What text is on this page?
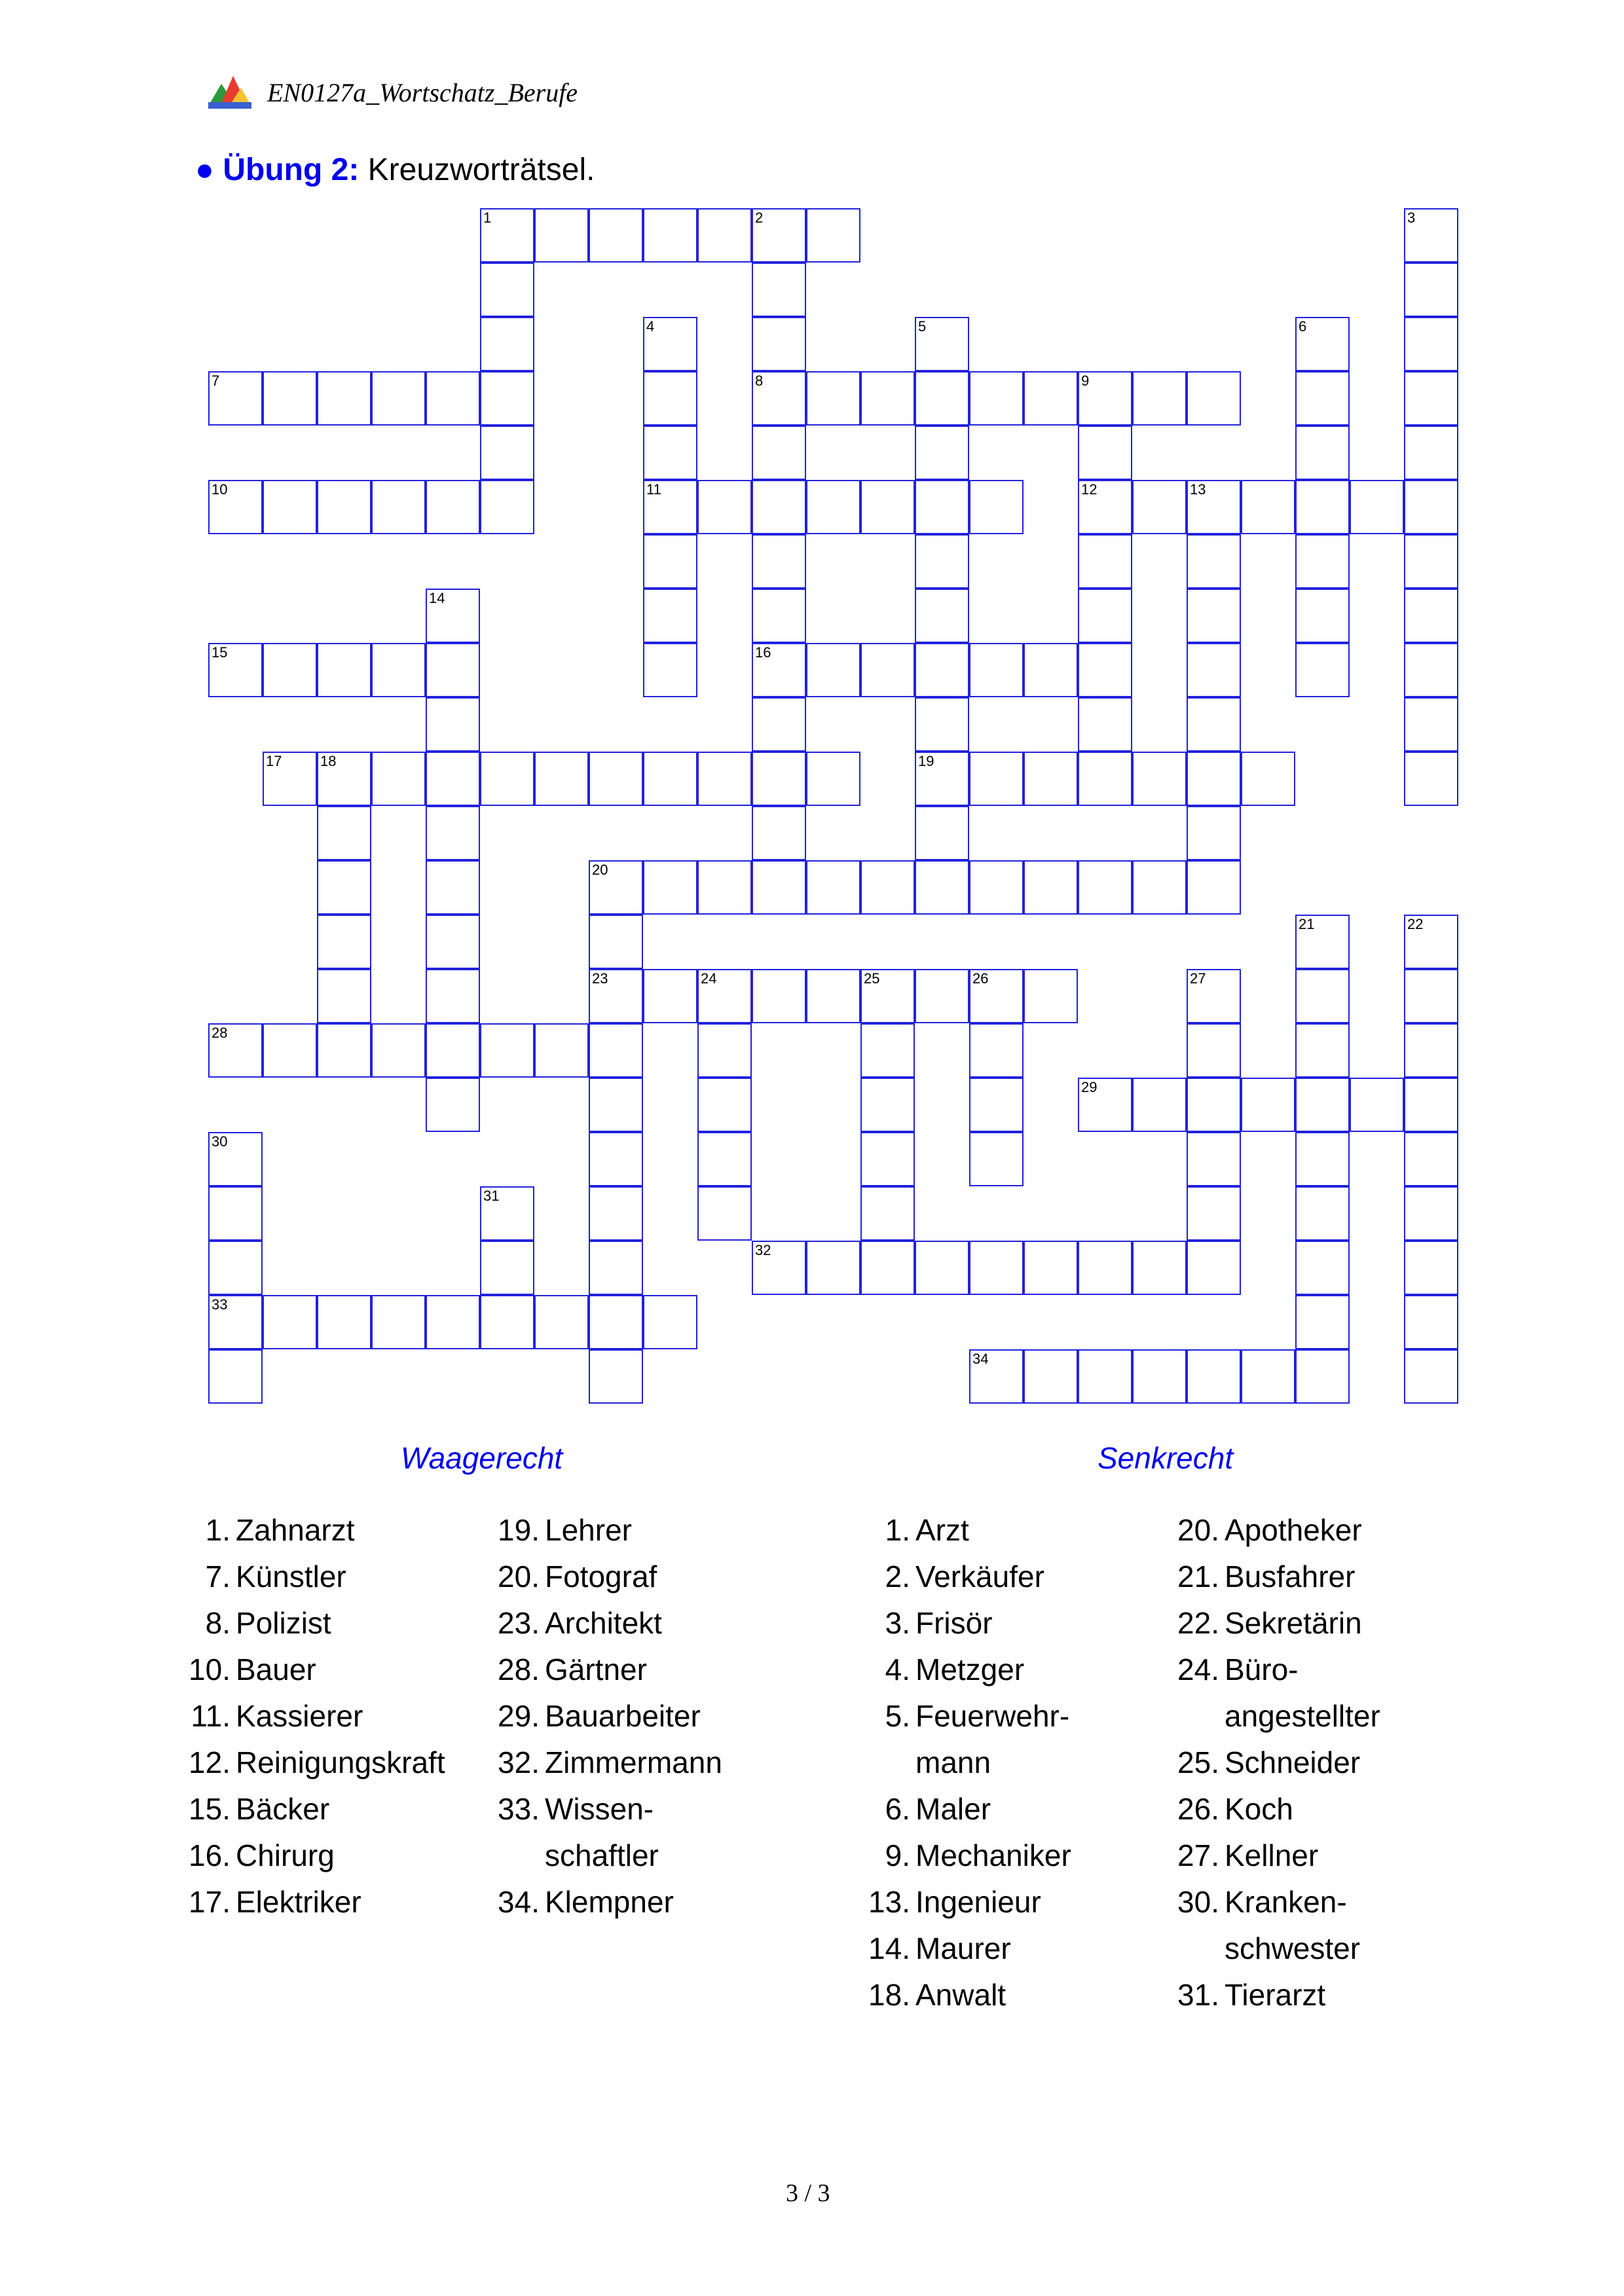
EN0127a_Wortschatz_Berufe
● Übung 2: Kreuzworträtsel.
1	2	3
4	5	6
7	8	9
10	11	12	13
14
15	16
17	18	19
20
21	22
23	24	25	26	27
28
29
30
31
32
33
34
Waagerecht	Senkrecht
1. Zahnarzt
7. Künstler
8. Polizist
10. Bauer
11. Kassierer
12. Reinigungskraft
15. Bäcker
16. Chirurg
17. Elektriker
19. Lehrer
20. Fotograf
23. Architekt
28. Gärtner
29. Bauarbeiter
32. Zimmermann
33. Wissen-
schaftler
34. Klempner
1. Arzt
2. Verkäufer
3. Frisör
4. Metzger
5. Feuerwehr-
mann
6. Maler
9. Mechaniker
13. Ingenieur
14. Maurer
18. Anwalt
20. Apotheker
21. Busfahrer
22. Sekretärin
24. Büro-
angestellter
25. Schneider
26. Koch
27. Kellner
30. Kranken-
schwester
31. Tierarzt
3 / 3
